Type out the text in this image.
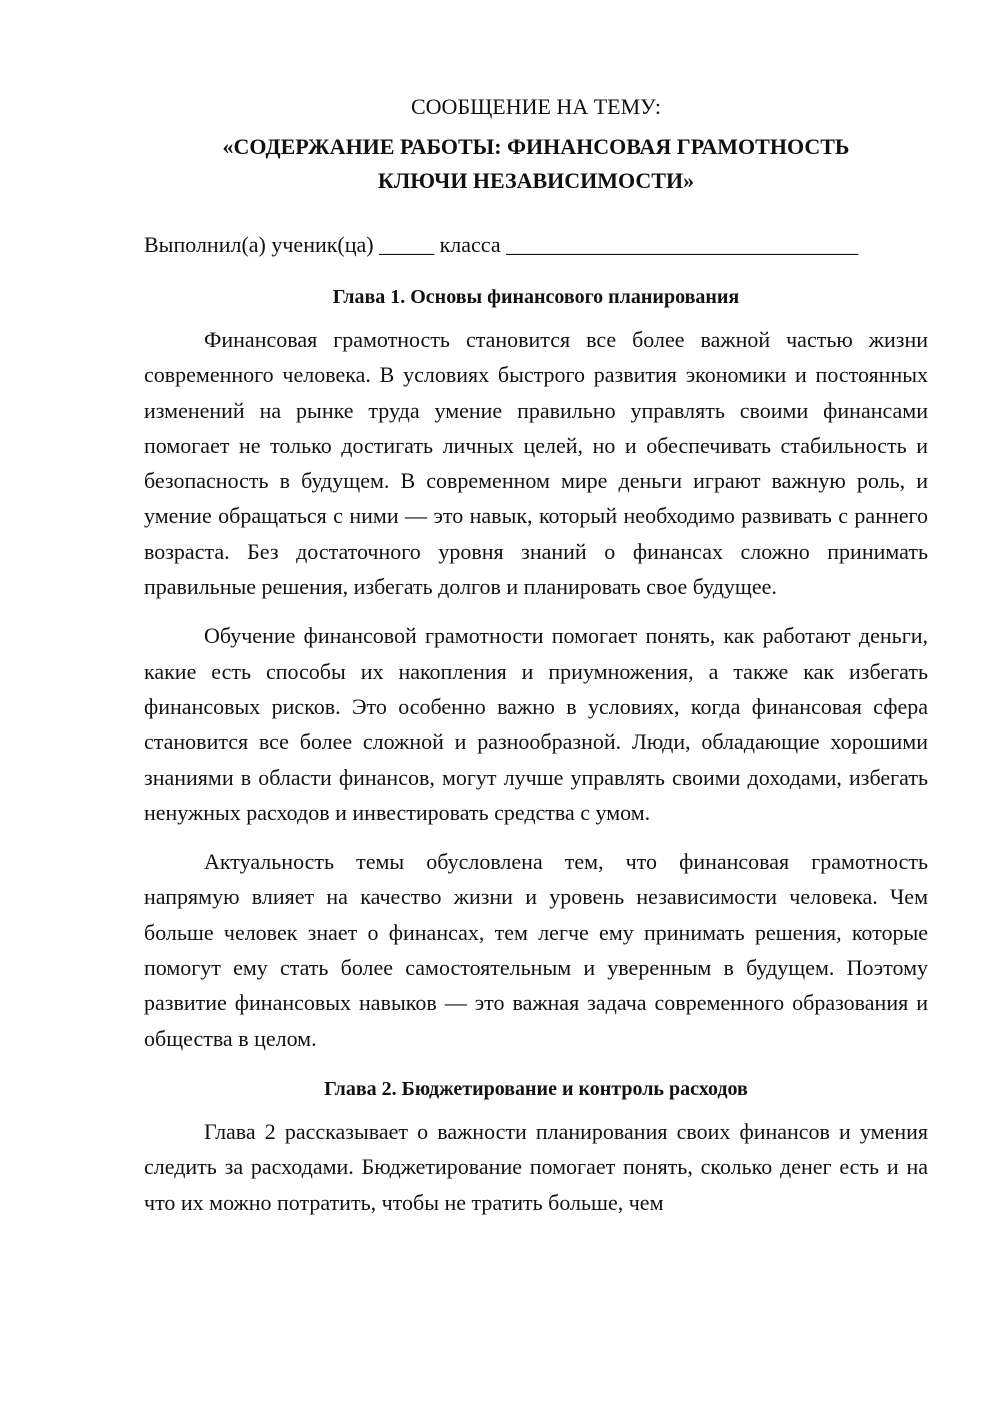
СООБЩЕНИЕ НА ТЕМУ:

«СОДЕРЖАНИЕ РАБОТЫ: ФИНАНСОВАЯ ГРАМОТНОСТЬ

КЛЮЧИ НЕЗАВИСИМОСТИ»

Выполнил(а) ученик(ца) _____ класса ________________________________
Глава 1. Основы финансового планирования

Финансовая грамотность становится все более важной частью жизни современного человека. В условиях быстрого развития экономики и постоянных изменений на рынке труда умение правильно управлять своими финансами помогает не только достигать личных целей, но и обеспечивать стабильность и безопасность в будущем. В современном мире деньги играют важную роль, и умение обращаться с ними — это навык, который необходимо развивать с раннего возраста. Без достаточного уровня знаний о финансах сложно принимать правильные решения, избегать долгов и планировать свое будущее.

Обучение финансовой грамотности помогает понять, как работают деньги, какие есть способы их накопления и приумножения, а также как избегать финансовых рисков. Это особенно важно в условиях, когда финансовая сфера становится все более сложной и разнообразной. Люди, обладающие хорошими знаниями в области финансов, могут лучше управлять своими доходами, избегать ненужных расходов и инвестировать средства с умом.

Актуальность темы обусловлена тем, что финансовая грамотность напрямую влияет на качество жизни и уровень независимости человека. Чем больше человек знает о финансах, тем легче ему принимать решения, которые помогут ему стать более самостоятельным и уверенным в будущем. Поэтому развитие финансовых навыков — это важная задача современного образования и общества в целом.

Глава 2. Бюджетирование и контроль расходов

Глава 2 рассказывает о важности планирования своих финансов и умения следить за расходами. Бюджетирование помогает понять, сколько денег есть и на что их можно потратить, чтобы не тратить больше, чем
